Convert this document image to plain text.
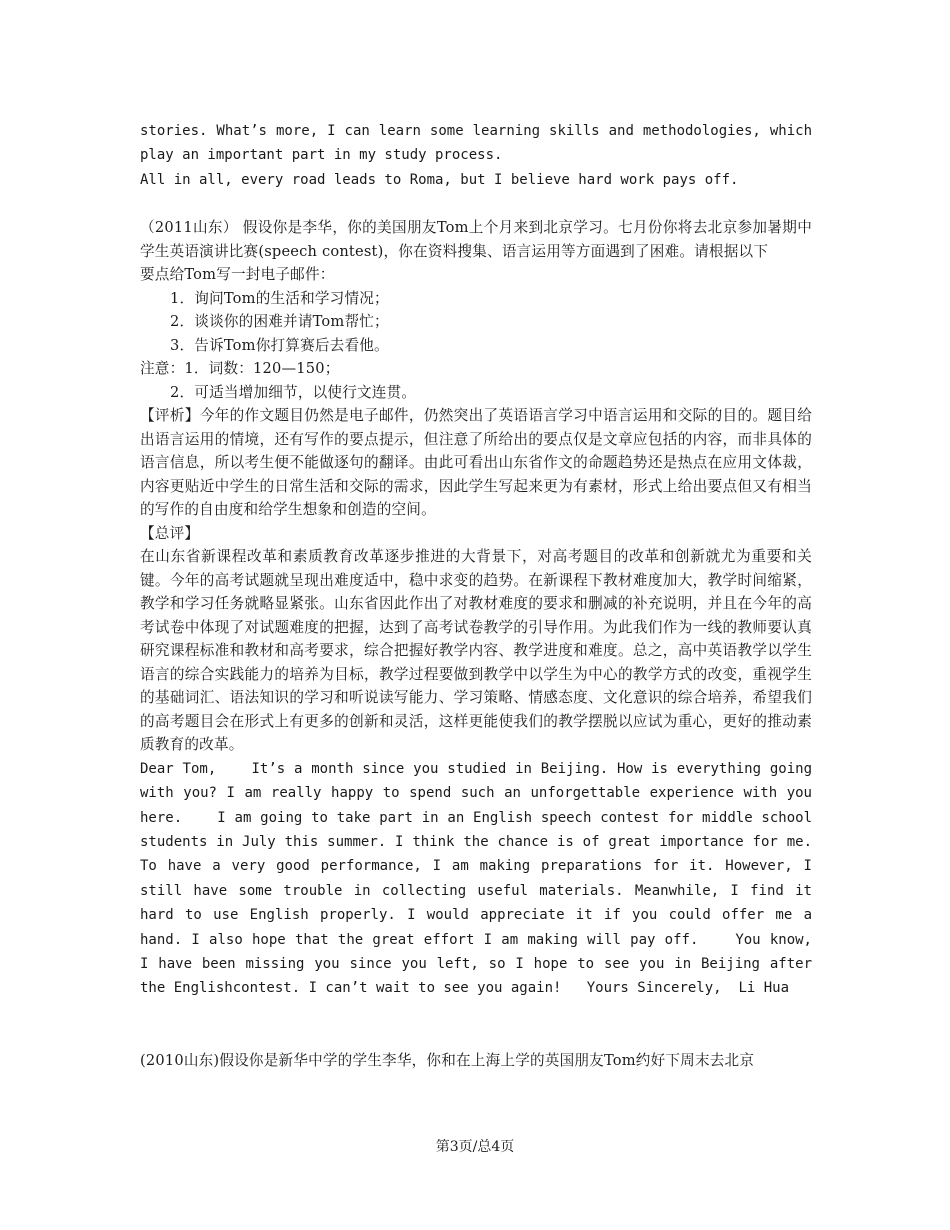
stories. What’s more, I can learn some learning skills and methodologies, which play an important part in my study process.

All in all, every road leads to Roma, but I believe hard work pays off.

（2011山东） 假设你是李华，你的美国朋友Tom上个月来到北京学习。七月份你将去北京参加暑期中学生英语演讲比赛(speech contest)，你在资料搜集、语言运用等方面遇到了困难。请根据以下

要点给Tom写一封电子邮件：

1．询问Tom的生活和学习情况；

2．谈谈你的困难并请Tom帮忙；

3．告诉Tom你打算赛后去看他。

注意：1．词数：120—150；

2．可适当增加细节，以使行文连贯。

【评析】今年的作文题目仍然是电子邮件，仍然突出了英语语言学习中语言运用和交际的目的。题目给出语言运用的情境，还有写作的要点提示，但注意了所给出的要点仅是文章应包括的内容，而非具体的语言信息，所以考生便不能做逐句的翻译。由此可看出山东省作文的命题趋势还是热点在应用文体裁，内容更贴近中学生的日常生活和交际的需求，因此学生写起来更为有素材，形式上给出要点但又有相当的写作的自由度和给学生想象和创造的空间。

【总评】

在山东省新课程改革和素质教育改革逐步推进的大背景下，对高考题目的改革和创新就尤为重要和关键。今年的高考试题就呈现出难度适中，稳中求变的趋势。在新课程下教材难度加大，教学时间缩紧，教学和学习任务就略显紧张。山东省因此作出了对教材难度的要求和删减的补充说明，并且在今年的高考试卷中体现了对试题难度的把握，达到了高考试卷教学的引导作用。为此我们作为一线的教师要认真研究课程标准和教材和高考要求，综合把握好教学内容、教学进度和难度。总之，高中英语教学以学生语言的综合实践能力的培养为目标，教学过程要做到教学中以学生为中心的教学方式的改变，重视学生的基础词汇、语法知识的学习和听说读写能力、学习策略、情感态度、文化意识的综合培养，希望我们的高考题目会在形式上有更多的创新和灵活，这样更能使我们的教学摆脱以应试为重心，更好的推动素质教育的改革。

Dear Tom,    It’s a month since you studied in Beijing. How is everything going with you? I am really happy to spend such an unforgettable experience with you here.    I am going to take part in an English speech contest for middle school students in July this summer. I think the chance is of great importance for me. To have a very good performance, I am making preparations for it. However, I still have some trouble in collecting useful materials. Meanwhile, I find it hard to use English properly. I would appreciate it if you could offer me a hand. I also hope that the great effort I am making will pay off.    You know, I have been missing you since you left, so I hope to see you in Beijing after the Englishcontest. I can’t wait to see you again!   Yours Sincerely,  Li Hua

(2010山东)假设你是新华中学的学生李华，你和在上海上学的英国朋友Tom约好下周末去北京

第3页/总4页
